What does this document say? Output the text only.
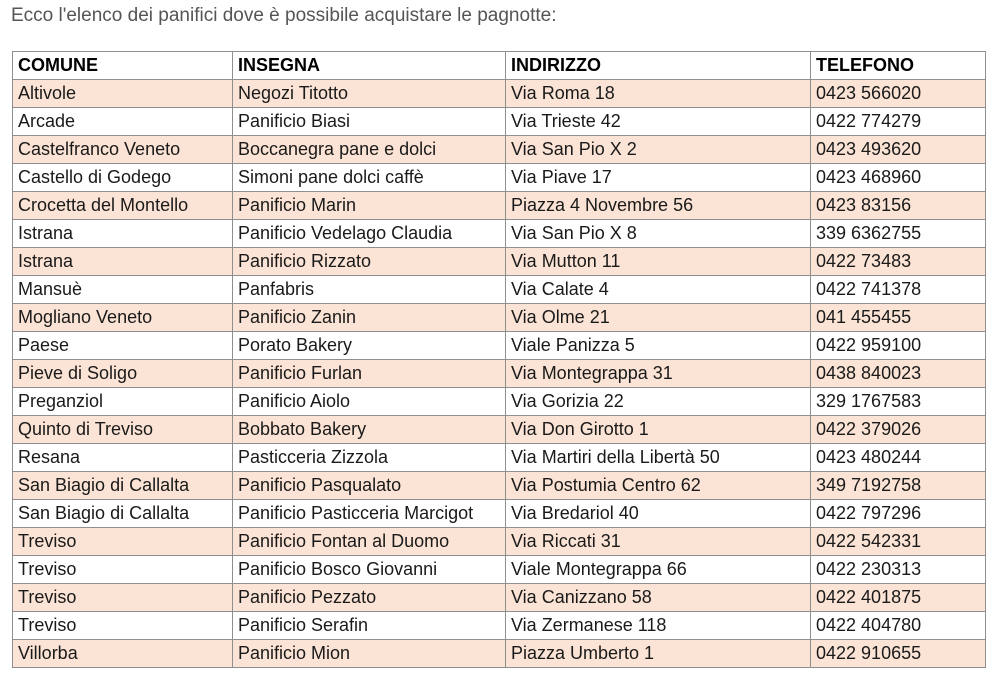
Ecco l'elenco dei panifici dove è possibile acquistare le pagnotte:
COMUNE	INSEGNA	INDIRIZZO	TELEFONO
Altivole	Negozi Titotto	Via Roma 18	0423 566020
Arcade	Panificio Biasi	Via Trieste 42	0422 774279
Castelfranco Veneto	Boccanegra pane e dolci	Via San Pio X 2	0423 493620
Castello di Godego	Simoni pane dolci caffè	Via Piave 17	0423 468960
Crocetta del Montello	Panificio Marin	Piazza 4 Novembre 56	0423 83156
Istrana	Panificio Vedelago Claudia	Via San Pio X 8	339 6362755
Istrana	Panificio Rizzato	Via Mutton 11	0422 73483
Mansuè	Panfabris	Via Calate 4	0422 741378
Mogliano Veneto	Panificio Zanin	Via Olme 21	041 455455
Paese	Porato Bakery	Viale Panizza 5	0422 959100
Pieve di Soligo	Panificio Furlan	Via Montegrappa 31	0438 840023
Preganziol	Panificio Aiolo	Via Gorizia 22	329 1767583
Quinto di Treviso	Bobbato Bakery	Via Don Girotto 1	0422 379026
Resana	Pasticceria Zizzola	Via Martiri della Libertà 50	0423 480244
San Biagio di Callalta	Panificio Pasqualato	Via Postumia Centro 62	349 7192758
San Biagio di Callalta	Panificio Pasticceria Marcigot	Via Bredariol 40	0422 797296
Treviso	Panificio Fontan al Duomo	Via Riccati 31	0422 542331
Treviso	Panificio Bosco Giovanni	Viale Montegrappa 66	0422 230313
Treviso	Panificio Pezzato	Via Canizzano 58	0422 401875
Treviso	Panificio Serafin	Via Zermanese 118	0422 404780
Villorba	Panificio Mion	Piazza Umberto 1	0422 910655
